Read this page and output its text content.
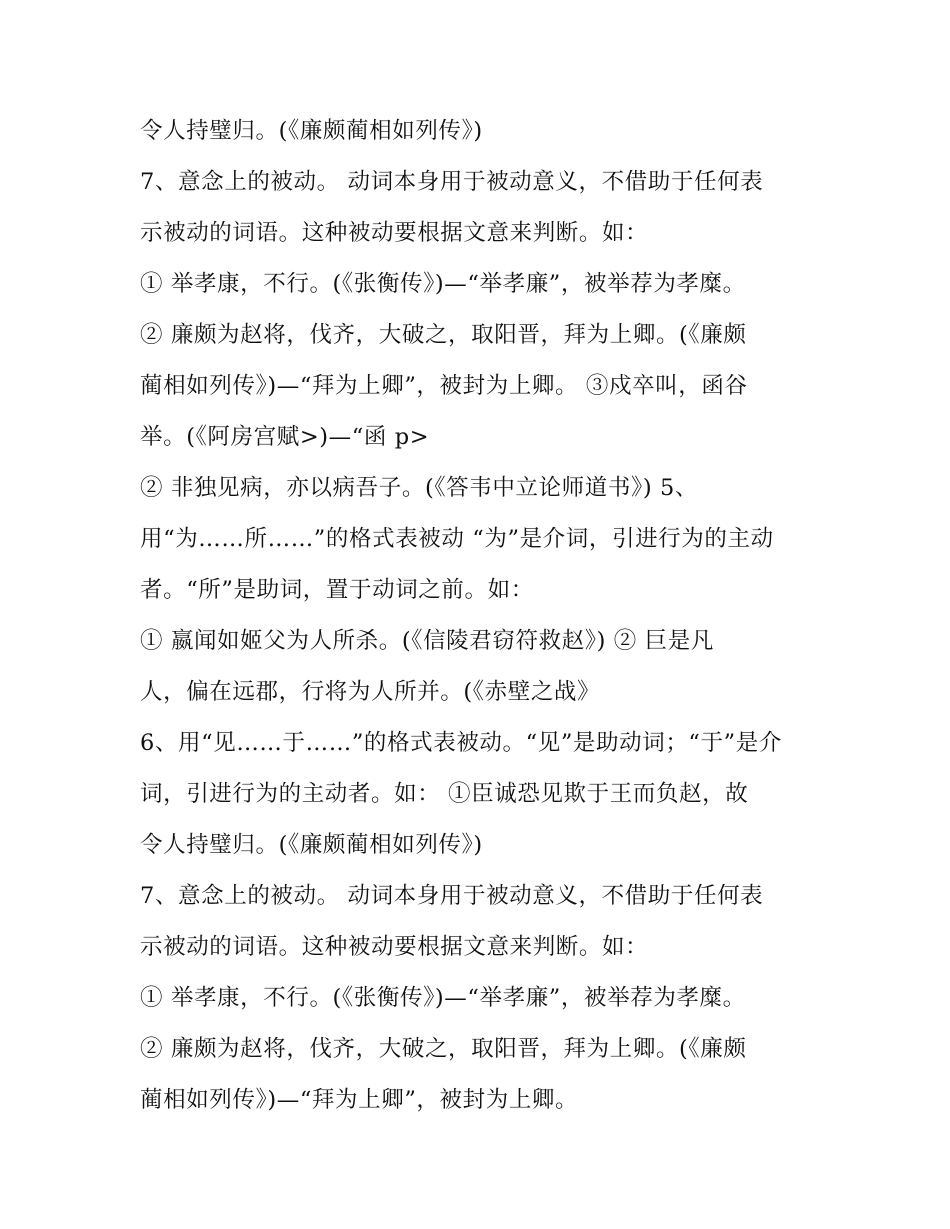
令人持璧归。(《廉颇蔺相如列传》)
7、意念上的被动。 动词本身用于被动意义，不借助于任何表
示被动的词语。这种被动要根据文意来判断。如：
① 举孝康，不行。(《张衡传》)—“举孝廉”，被举荐为孝糜。
② 廉颇为赵将，伐齐，大破之，取阳晋，拜为上卿。(《廉颇
蔺相如列传》)—“拜为上卿”，被封为上卿。 ③戍卒叫，函谷
举。(《阿房宫赋>)—“函 p>
② 非独见病，亦以病吾子。(《答韦中立论师道书》) 5、
用“为……所……”的格式表被动 “为”是介词，引进行为的主动
者。“所”是助词，置于动词之前。如：
① 嬴闻如姬父为人所杀。(《信陵君窃符救赵》) ② 巨是凡
人，偏在远郡，行将为人所并。(《赤壁之战》
6、用“见……于……”的格式表被动。“见”是助动词；“于”是介
词，引进行为的主动者。如： ①臣诚恐见欺于王而负赵，故
令人持璧归。(《廉颇蔺相如列传》)
7、意念上的被动。 动词本身用于被动意义，不借助于任何表
示被动的词语。这种被动要根据文意来判断。如：
① 举孝康，不行。(《张衡传》)—“举孝廉”，被举荐为孝糜。
② 廉颇为赵将，伐齐，大破之，取阳晋，拜为上卿。(《廉颇
蔺相如列传》)—“拜为上卿”，被封为上卿。
